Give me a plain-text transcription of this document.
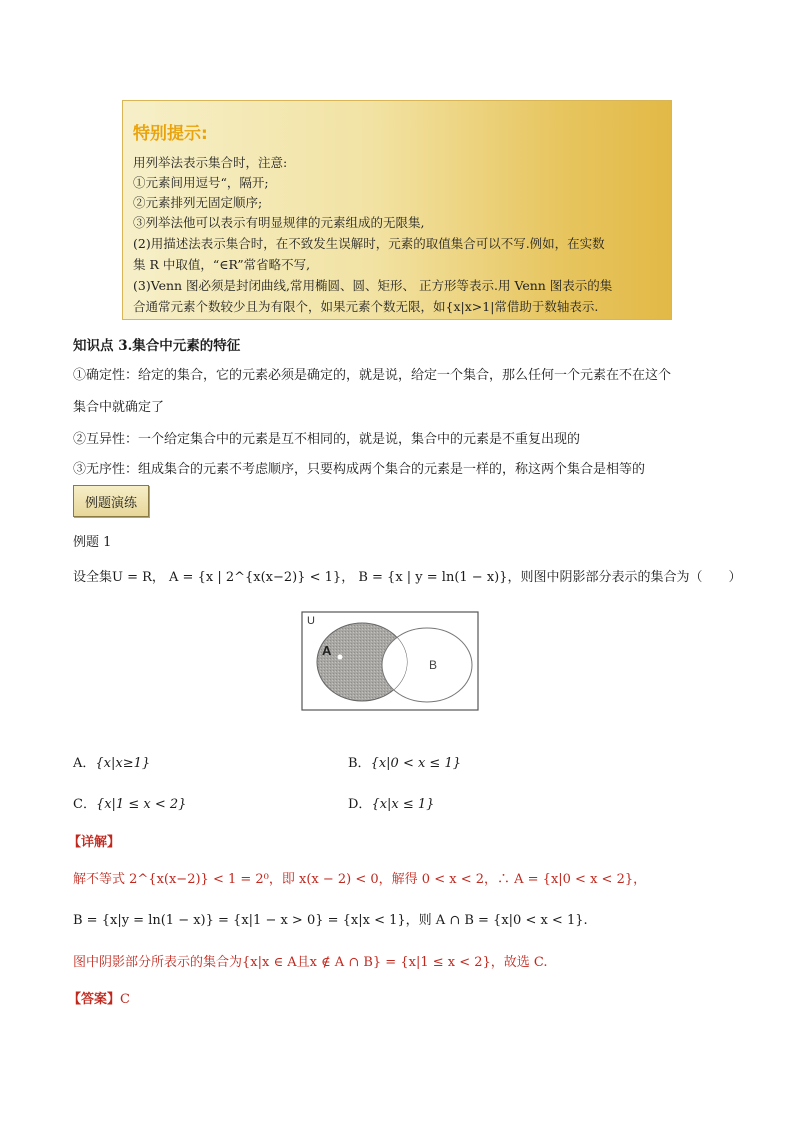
特别提示:
用列举法表示集合时，注意:
①元素间用逗号“，隔开;
②元素排列无固定顺序;
③列举法他可以表示有明显规律的元素组成的无限集,
(2)用描述法表示集合时，在不致发生误解时，元素的取值集合可以不写.例如，在实数
集 R 中取值，“∈R”常省略不写,
(3)Venn 图必须是封闭曲线,常用椭圆、圆、矩形、 正方形等表示.用 Venn 图表示的集
合通常元素个数较少且为有限个，如果元素个数无限，如{x|x>1|常借助于数轴表示.
知识点 3.集合中元素的特征
①确定性：给定的集合，它的元素必须是确定的，就是说，给定一个集合，那么任何一个元素在不在这个
集合中就确定了
②互异性：一个给定集合中的元素是互不相同的，就是说，集合中的元素是不重复出现的
③无序性：组成集合的元素不考虑顺序，只要构成两个集合的元素是一样的，称这两个集合是相等的
例题演练
例题 1
设全集U = R， A = {x | 2^{x(x−2)} < 1}， B = {x | y = ln(1 − x)}，则图中阴影部分表示的集合为（　　）
U
A
B
A．{x|x≥1}	B．{x|0 < x ≤ 1}
C．{x|1 ≤ x < 2}	D．{x|x ≤ 1}
【详解】
解不等式 2^{x(x−2)} < 1 = 2⁰，即 x(x − 2) < 0，解得 0 < x < 2，∴ A = {x|0 < x < 2}，
B = {x|y = ln(1 − x)} = {x|1 − x > 0} = {x|x < 1}，则 A ∩ B = {x|0 < x < 1}.
图中阴影部分所表示的集合为{x|x ∈ A且x ∉ A ∩ B} = {x|1 ≤ x < 2}，故选 C.
【答案】C
